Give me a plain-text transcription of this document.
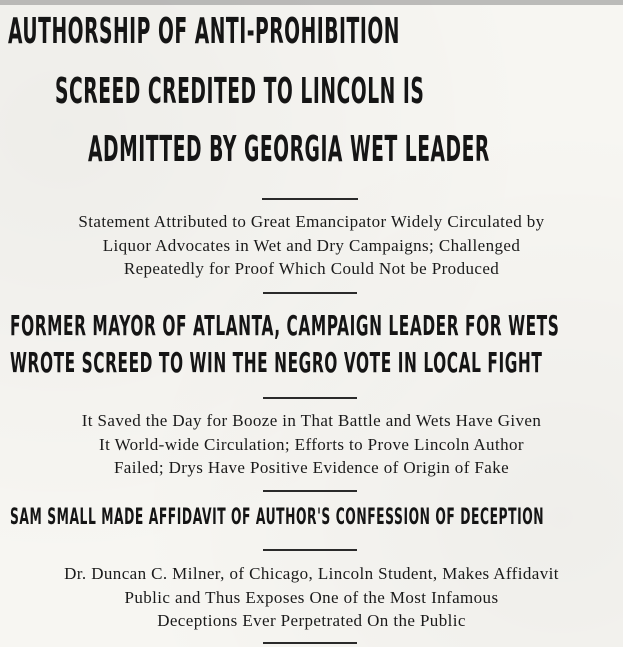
AUTHORSHIP OF ANTI-PROHIBITION
SCREED CREDITED TO LINCOLN IS
ADMITTED BY GEORGIA WET LEADER

Statement Attributed to Great Emancipator Widely Circulated by
Liquor Advocates in Wet and Dry Campaigns; Challenged
Repeatedly for Proof Which Could Not be Produced

FORMER MAYOR OF ATLANTA, CAMPAIGN LEADER FOR WETS
WROTE SCREED TO WIN THE NEGRO VOTE IN LOCAL FIGHT

It Saved the Day for Booze in That Battle and Wets Have Given
It World-wide Circulation; Efforts to Prove Lincoln Author
Failed; Drys Have Positive Evidence of Origin of Fake

SAM SMALL MADE AFFIDAVIT OF AUTHOR'S CONFESSION OF DECEPTION

Dr. Duncan C. Milner, of Chicago, Lincoln Student, Makes Affidavit
Public and Thus Exposes One of the Most Infamous
Deceptions Ever Perpetrated On the Public
